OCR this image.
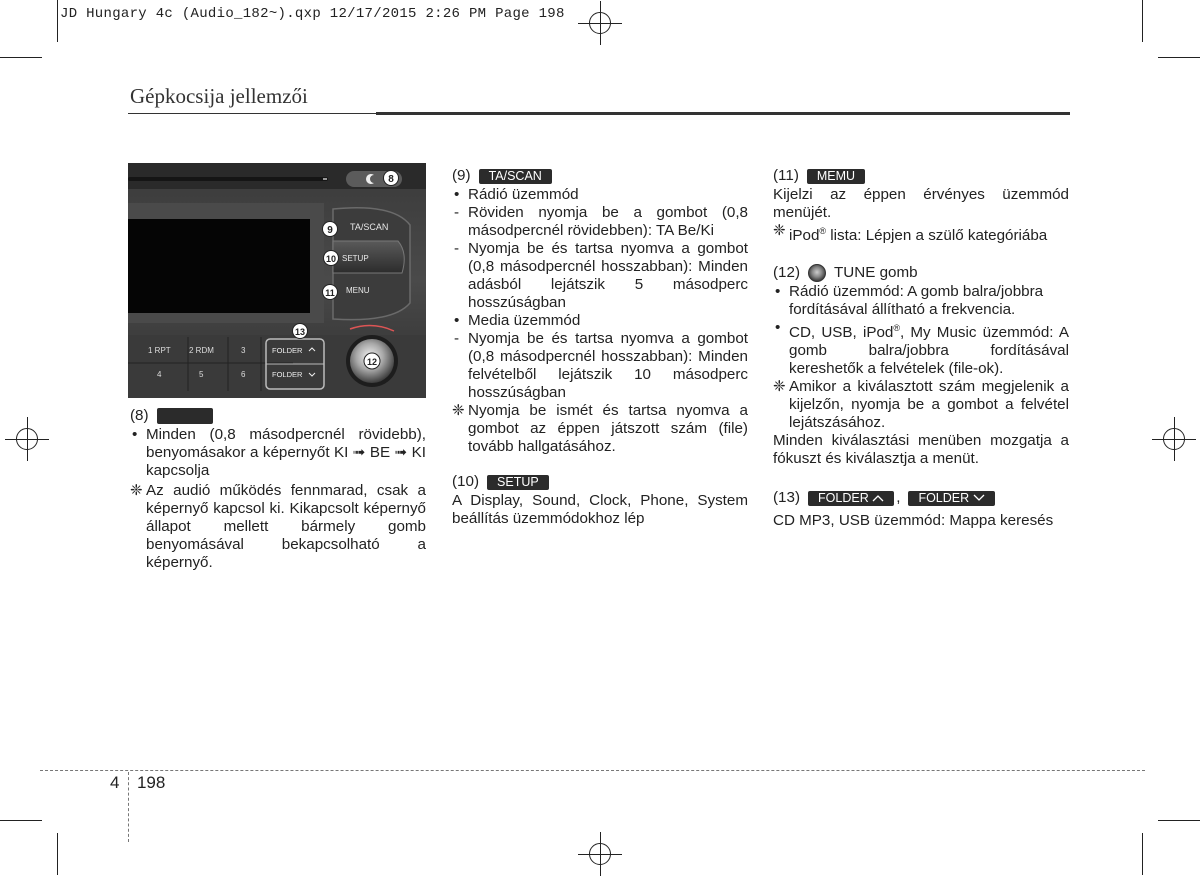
JD Hungary 4c (Audio_182~).qxp 12/17/2015 2:26 PM Page 198
Gépkocsija jellemzői
TA/SCAN
SETUP
MENU
1 RPT 2 RDM	3
4	5	6
FOLDER
FOLDER
8
9
10
11
12
13
(8)

• Minden (0,8 másodpercnél rövidebb), benyomásakor a képernyőt KI ➟ BE ➟ KI kapcsolja

❈ Az audió működés fennmarad, csak a képernyő kapcsol ki. Kikapcsolt képernyő állapot mellett bármely gomb benyomásával bekapcsolható a képernyő.

(9)	TA/SCAN

• Rádió üzemmód

- Röviden nyomja be a gombot (0,8 másodpercnél rövidebben): TA Be/Ki

- Nyomja be és tartsa nyomva a gombot (0,8 másodpercnél hosszabban): Minden adásból lejátszik 5 másodperc hosszúságban

• Media üzemmód

- Nyomja be és tartsa nyomva a gombot (0,8 másodpercnél hosszabban): Minden felvételből lejátszik 10 másodperc hosszúságban

❈ Nyomja be ismét és tartsa nyomva a gombot az éppen játszott szám (file) tovább hallgatásához.

(10)	SETUP

A Display, Sound, Clock, Phone, System beállítás üzemmódokhoz lép

(11)	MEMU

Kijelzi az éppen érvényes üzemmód menüjét.

❈ iPod® lista: Lépjen a szülő kategóriába

(12) TUNE gomb

• Rádió üzemmód: A gomb balra/jobbra fordításával állítható a frekvencia.

• CD, USB, iPod®, My Music üzemmód: A gomb balra/jobbra fordításával kereshetők a felvételek (file-ok).

❈ Amikor a kiválasztott szám megjelenik a kijelzőn, nyomja be a gombot a felvétel lejátszásához.

Minden kiválasztási menüben mozgatja a fókuszt és kiválasztja a menüt.

(13)	FOLDER	,	FOLDER

CD MP3, USB üzemmód: Mappa keresés

4 198
